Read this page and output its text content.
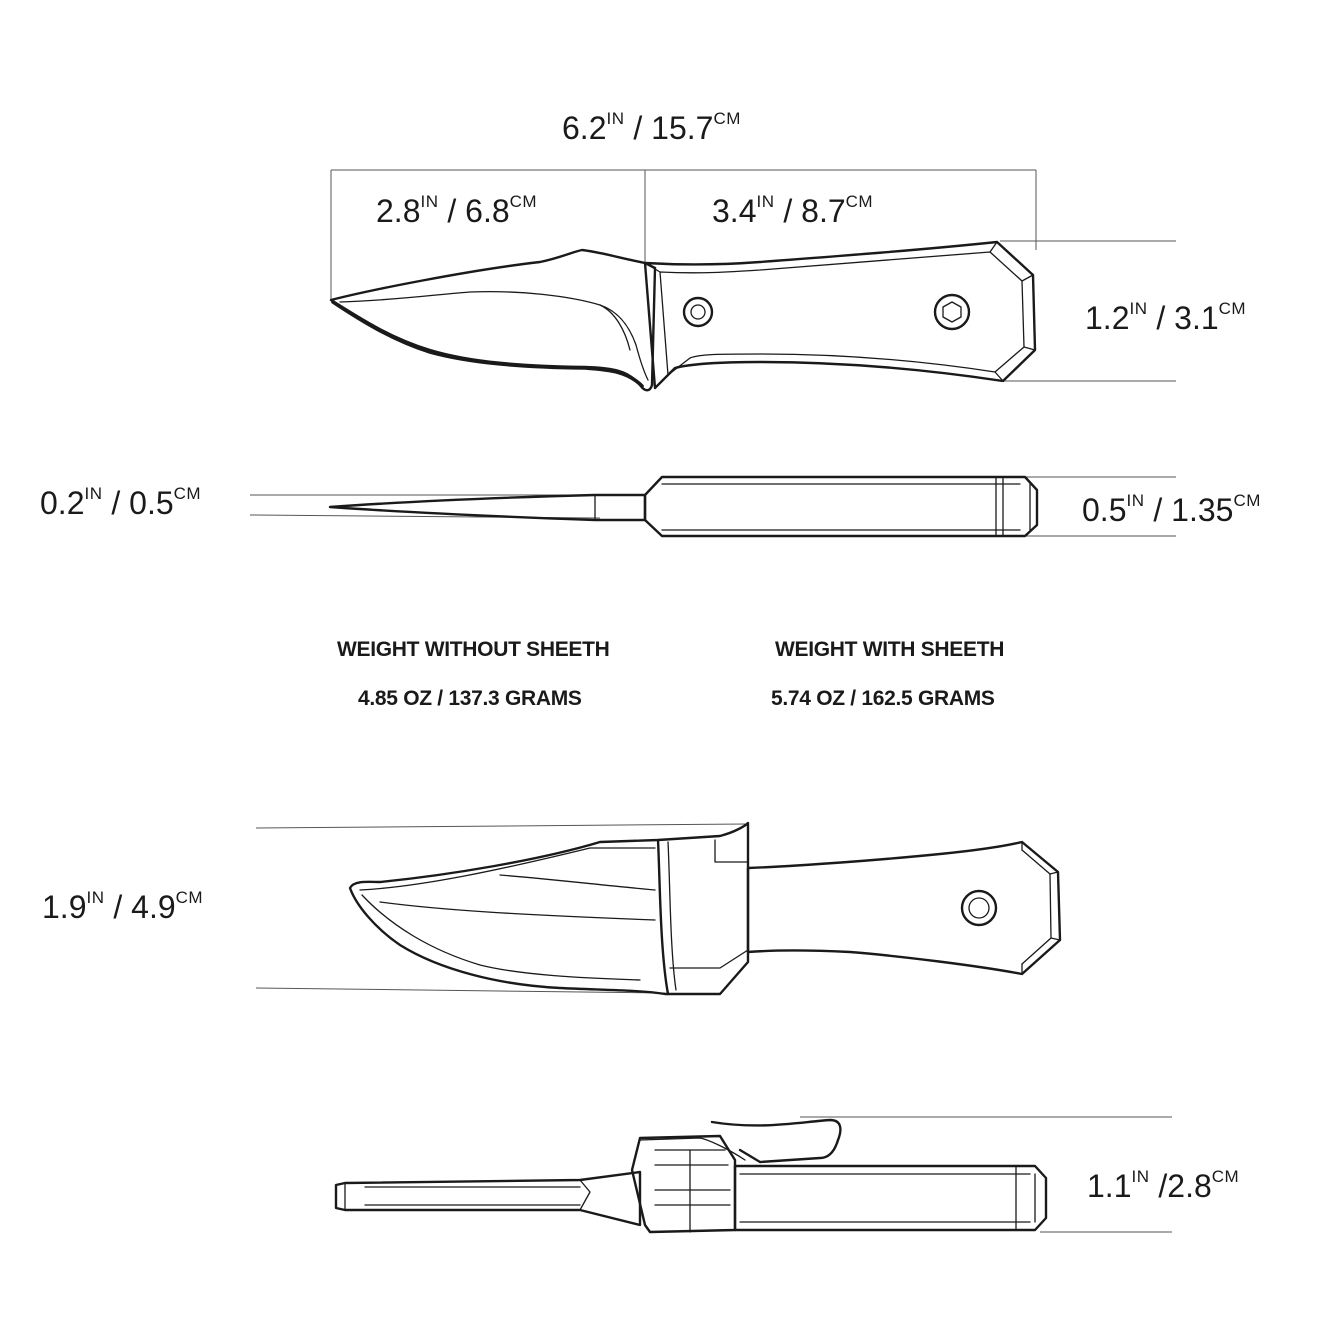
$6.2^{IN} / 15.7^{CM}$
$2.8^{IN} / 6.8^{CM}$	$3.4^{IN} / 8.7^{CM}$
$1.2^{IN} / 3.1^{CM}$
$0.2^{IN} / 0.5^{CM}$	$0.5^{IN} / 1.35^{CM}$
$1.9^{IN} / 4.9^{CM}$
$1.1^{IN}$ $/2.8^{CM}$
WEIGHT WITHOUT SHEETH
4.85 OZ / 137.3 GRAMS
WEIGHT WITH SHEETH
5.74 OZ / 162.5 GRAMS
